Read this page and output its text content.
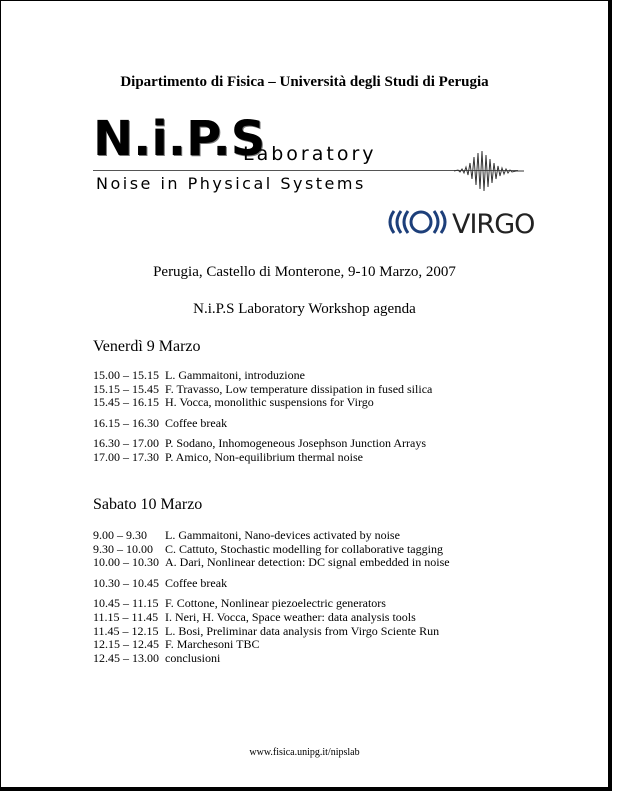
Dipartimento di Fisica – Università degli Studi di Perugia
N.i.P.S
Laboratory
Noise in Physical Systems
VIRGO
Perugia, Castello di Monterone, 9-10 Marzo, 2007
N.i.P.S Laboratory Workshop agenda
Venerdì 9 Marzo
15.00 – 15.15 L. Gammaitoni, introduzione
15.15 – 15.45 F. Travasso, Low temperature dissipation in fused silica
15.45 – 16.15 H. Vocca, monolithic suspensions for Virgo
16.15 – 16.30 Coffee break
16.30 – 17.00 P. Sodano, Inhomogeneous Josephson Junction Arrays
17.00 – 17.30 P. Amico, Non-equilibrium thermal noise
Sabato 10 Marzo
9.00 – 9.30	L. Gammaitoni, Nano-devices activated by noise
9.30 – 10.00	C. Cattuto, Stochastic modelling for collaborative tagging
10.00 – 10.30 A. Dari, Nonlinear detection: DC signal embedded in noise
10.30 – 10.45 Coffee break
10.45 – 11.15 F. Cottone, Nonlinear piezoelectric generators
11.15 – 11.45 I. Neri, H. Vocca, Space weather: data analysis tools
11.45 – 12.15 L. Bosi, Preliminar data analysis from Virgo Sciente Run
12.15 – 12.45 F. Marchesoni TBC
12.45 – 13.00 conclusioni
www.fisica.unipg.it/nipslab
